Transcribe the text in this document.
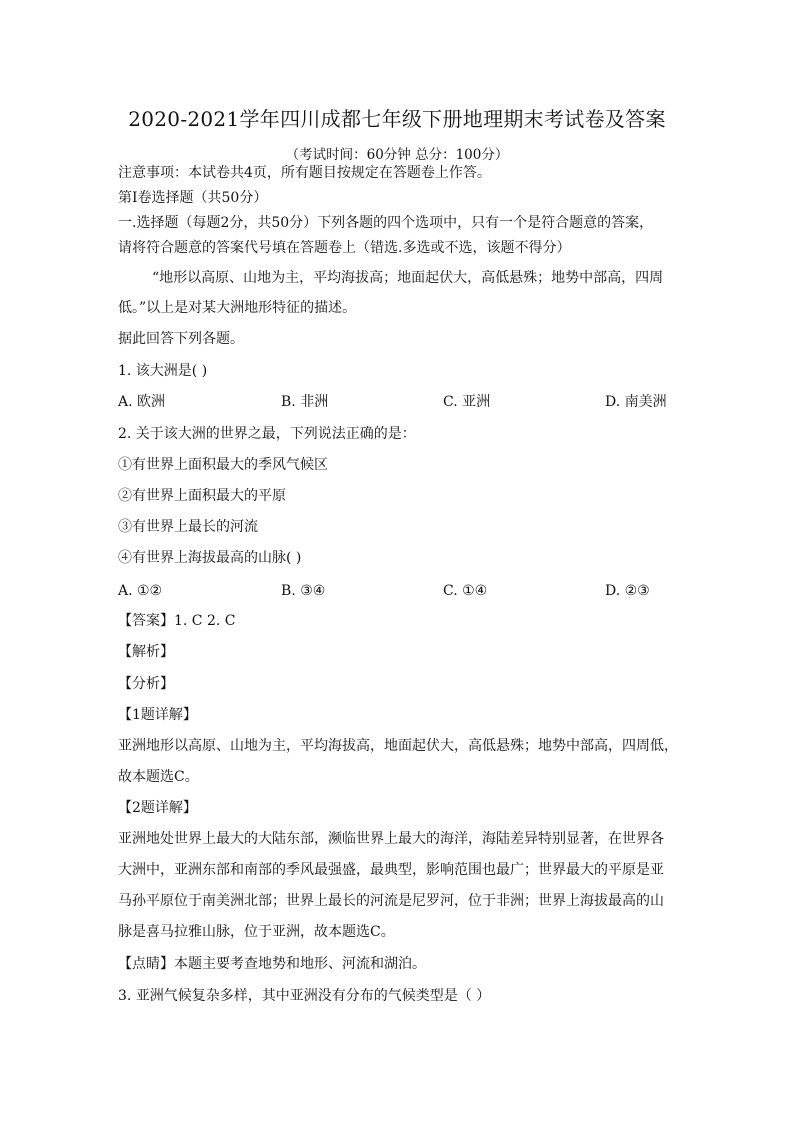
2020-2021学年四川成都七年级下册地理期末考试卷及答案
（考试时间：60分钟 总分：100分）
注意事项：本试卷共4页，所有题目按规定在答题卷上作答。
第Ⅰ卷选择题（共50分）
一.选择题（每题2分，共50分）下列各题的四个选项中，只有一个是符合题意的答案，
请将符合题意的答案代号填在答题卷上（错选.多选或不选，该题不得分）
“地形以高原、山地为主，平均海拔高；地面起伏大，高低悬殊；地势中部高，四周
低。”以上是对某大洲地形特征的描述。
据此回答下列各题。
1. 该大洲是( )
A. 欧洲	B. 非洲	C. 亚洲	D. 南美洲
2. 关于该大洲的世界之最，下列说法正确的是：
①有世界上面积最大的季风气候区
②有世界上面积最大的平原
③有世界上最长的河流
④有世界上海拔最高的山脉( )
A. ①②	B. ③④	C. ①④	D. ②③
【答案】1. C 2. C
【解析】
【分析】
【1题详解】
亚洲地形以高原、山地为主，平均海拔高，地面起伏大，高低悬殊；地势中部高，四周低，
故本题选C。
【2题详解】
亚洲地处世界上最大的大陆东部，濒临世界上最大的海洋，海陆差异特别显著，在世界各
大洲中，亚洲东部和南部的季风最强盛，最典型，影响范围也最广；世界最大的平原是亚
马孙平原位于南美洲北部；世界上最长的河流是尼罗河，位于非洲；世界上海拔最高的山
脉是喜马拉雅山脉，位于亚洲，故本题选C。
【点睛】本题主要考查地势和地形、河流和湖泊。
3. 亚洲气候复杂多样，其中亚洲没有分布的气候类型是（ ）
